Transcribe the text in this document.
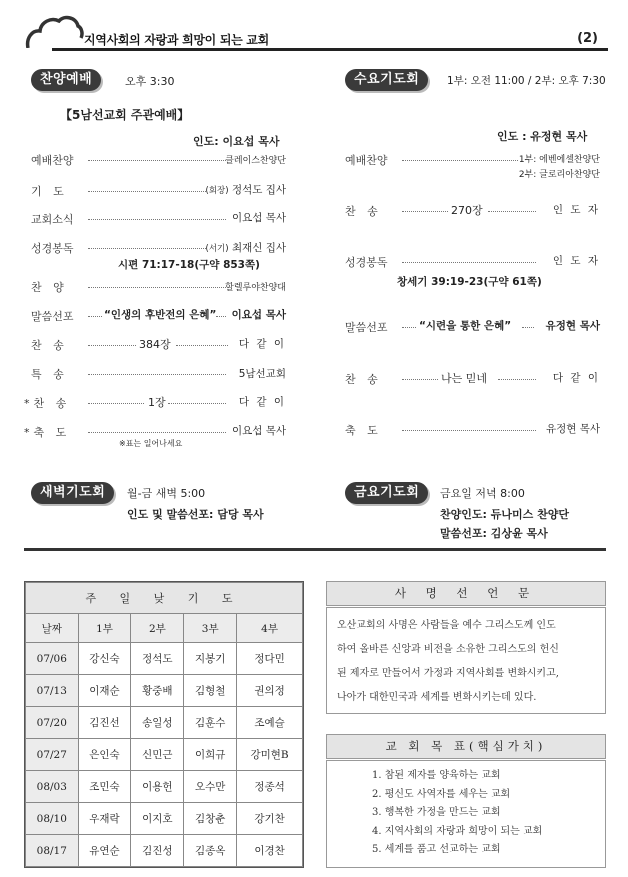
지역사회의 자랑과 희망이 되는 교회	(2)
찬양예배	오후 3:30
【5남선교회 주관예배】
인도: 이요섭 목사
예배찬양	클레이스찬양단
기 도	(회장) 정석도 집사
교회소식	이요섭 목사
성경봉독	(서기) 최재신 집사
시편 71:17-18(구약 853쪽)
찬 양	할렐루야찬양대
말씀선포	“인생의 후반전의 은혜” 이요섭 목사
찬 송	384장	다 같 이
특 송	5남선교회
*찬 송	1장	다 같 이
*축 도	이요섭 목사
※표는 일어나세요
수요기도회	1부: 오전 11:00 / 2부: 오후 7:30
인도 : 유정현 목사
예배찬양	1부: 에벤에셀찬양단
2부: 글로리아찬양단
찬 송	270장	인 도 자
성경봉독	인 도 자
창세기 39:19-23(구약 61쪽)
말씀선포	“시련을 통한 은혜”	유정현 목사
찬 송	나는 믿네	다 같 이
축 도	유정현 목사
새벽기도회	월-금 새벽 5:00
인도 및 말씀선포: 담당 목사
금요기도회	금요일 저녁 8:00
찬양인도: 듀나미스 찬양단
말씀선포: 김상윤 목사
주 일 낮 기 도				
날짜	1부	2부	3부	4부
07/06	강신숙	정석도	지봉기	정다민
07/13	이재순	황중배	김형철	권의정
07/20	김진선	송일성	김훈수	조예슬
07/27	은인숙	신민근	이희규	강미현B
08/03	조민숙	이용헌	오수만	정종석
08/10	우재락	이지호	김창춘	강기찬
08/17	유연순	김진성	김종옥	이경찬
사 명 선 언 문
오산교회의 사명은 사람들을 예수 그리스도께 인도
하여 올바른 신앙과 비전을 소유한 그리스도의 헌신
된 제자로 만들어서 가정과 지역사회를 변화시키고,
나아가 대한민국과 세계를 변화시키는데 있다.
교 회 목 표(핵심가치)
1. 참된 제자를 양육하는 교회
2. 평신도 사역자를 세우는 교회
3. 행복한 가정을 만드는 교회
4. 지역사회의 자랑과 희망이 되는 교회
5. 세계를 품고 선교하는 교회
